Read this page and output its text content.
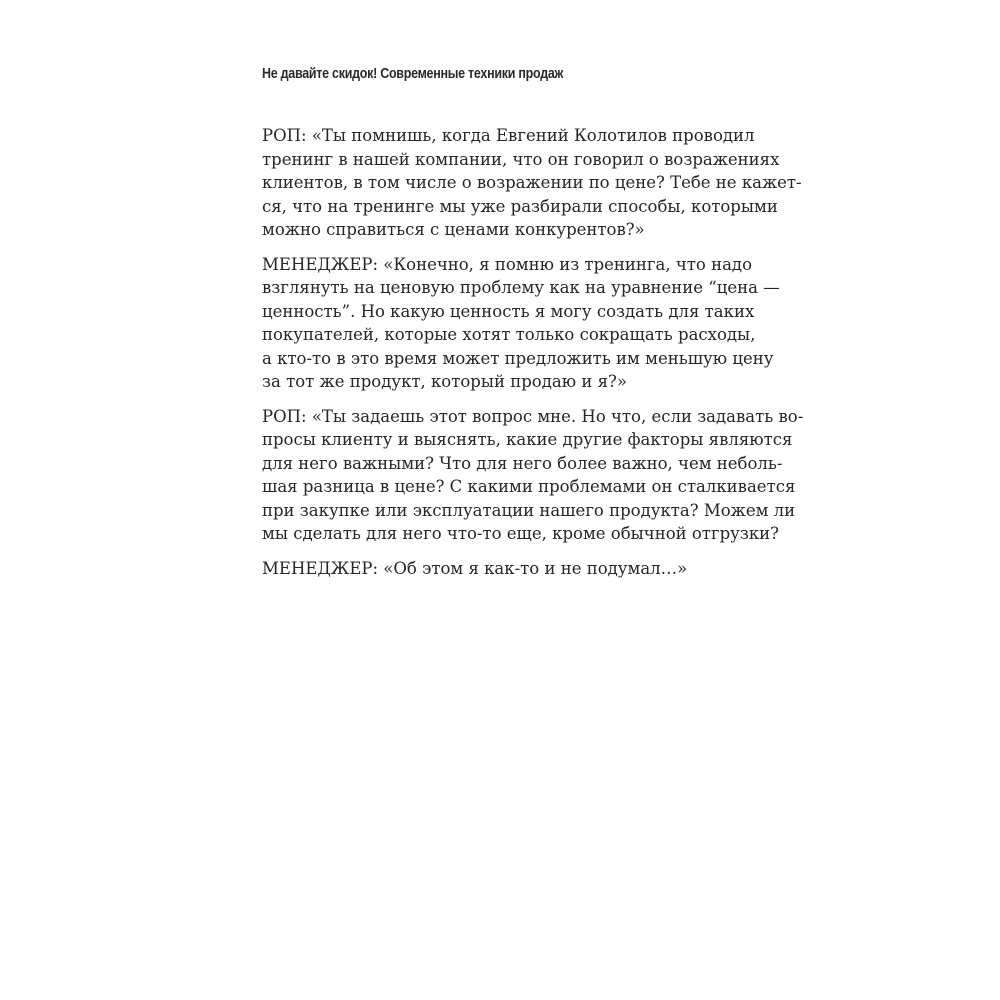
Не давайте скидок! Современные техники продаж

РОП: «Ты помнишь, когда Евгений Колотилов проводил
тренинг в нашей компании, что он говорил о возражениях
клиентов, в том числе о возражении по цене? Тебе не кажет-
ся, что на тренинге мы уже разбирали способы, которыми
можно справиться с ценами конкурентов?»

МЕНЕДЖЕР: «Конечно, я помню из тренинга, что надо
взглянуть на ценовую проблему как на уравнение “цена —
ценность”. Но какую ценность я могу создать для таких
покупателей, которые хотят только сокращать расходы,
а кто-то в это время может предложить им меньшую цену
за тот же продукт, который продаю и я?»

РОП: «Ты задаешь этот вопрос мне. Но что, если задавать во-
просы клиенту и выяснять, какие другие факторы являются
для него важными? Что для него более важно, чем неболь-
шая разница в цене? С какими проблемами он сталкивается
при закупке или эксплуатации нашего продукта? Можем ли
мы сделать для него что-то еще, кроме обычной отгрузки?

МЕНЕДЖЕР: «Об этом я как-то и не подумал…»
